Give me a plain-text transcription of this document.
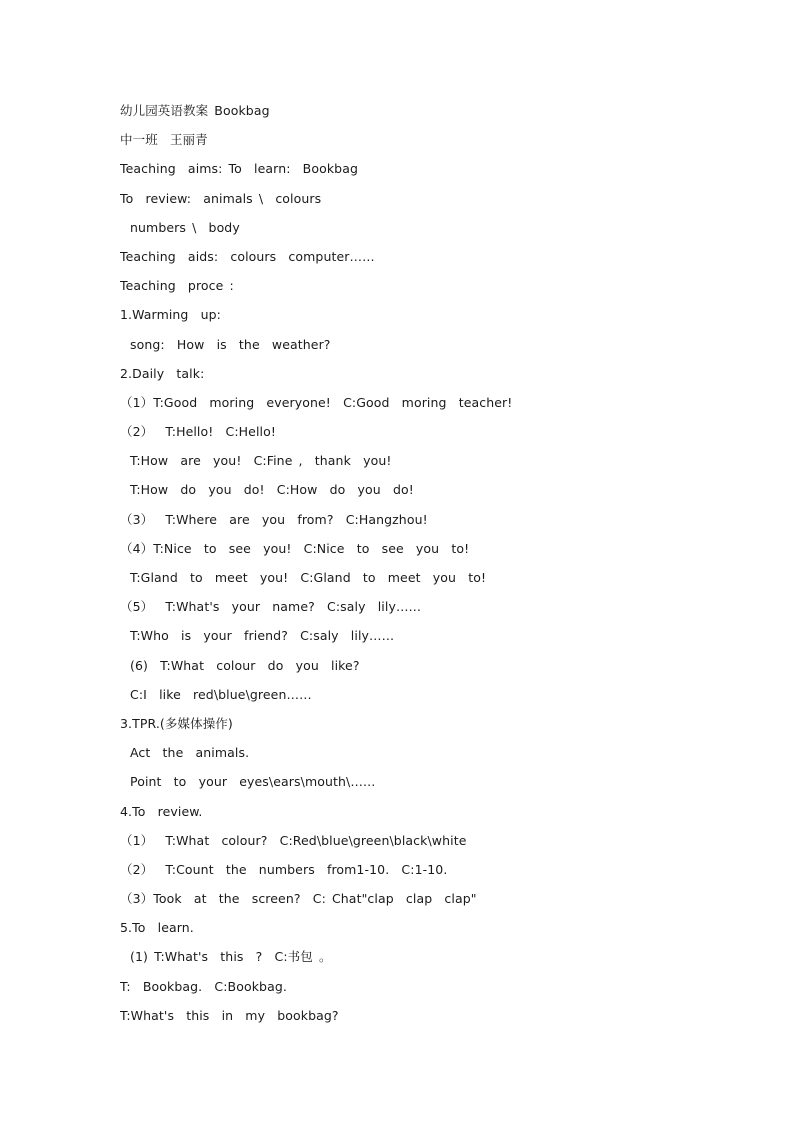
幼儿园英语教案 Bookbag
中一班  王丽青
Teaching  aims: To  learn:  Bookbag
To  review:  animals \  colours
numbers \  body
Teaching  aids:  colours  computer……
Teaching  proce :
1.Warming  up:
song:  How  is  the  weather?
2.Daily  talk:
（1）T:Good  moring  everyone!  C:Good  moring  teacher!
（2）  T:Hello!  C:Hello!
T:How  are  you!  C:Fine ,  thank  you!
T:How  do  you  do!  C:How  do  you  do!
（3）  T:Where  are  you  from?  C:Hangzhou!
（4）T:Nice  to  see  you!  C:Nice  to  see  you  to!
T:Gland  to  meet  you!  C:Gland  to  meet  you  to!
（5）  T:What's  your  name?  C:saly  lily……
T:Who  is  your  friend?  C:saly  lily……
(6)  T:What  colour  do  you  like?
C:I  like  red\blue\green……
3.TPR.(多媒体操作)
Act  the  animals.
Point  to  your  eyes\ears\mouth\……
4.To  review.
（1）  T:What  colour?  C:Red\blue\green\black\white
（2）  T:Count  the  numbers  from1-10.  C:1-10.
（3）Took  at  the  screen?  C: Chat"clap  clap  clap"
5.To  learn.
(1) T:What's  this  ?  C:书包 。
T:  Bookbag.  C:Bookbag.
T:What's  this  in  my  bookbag?
